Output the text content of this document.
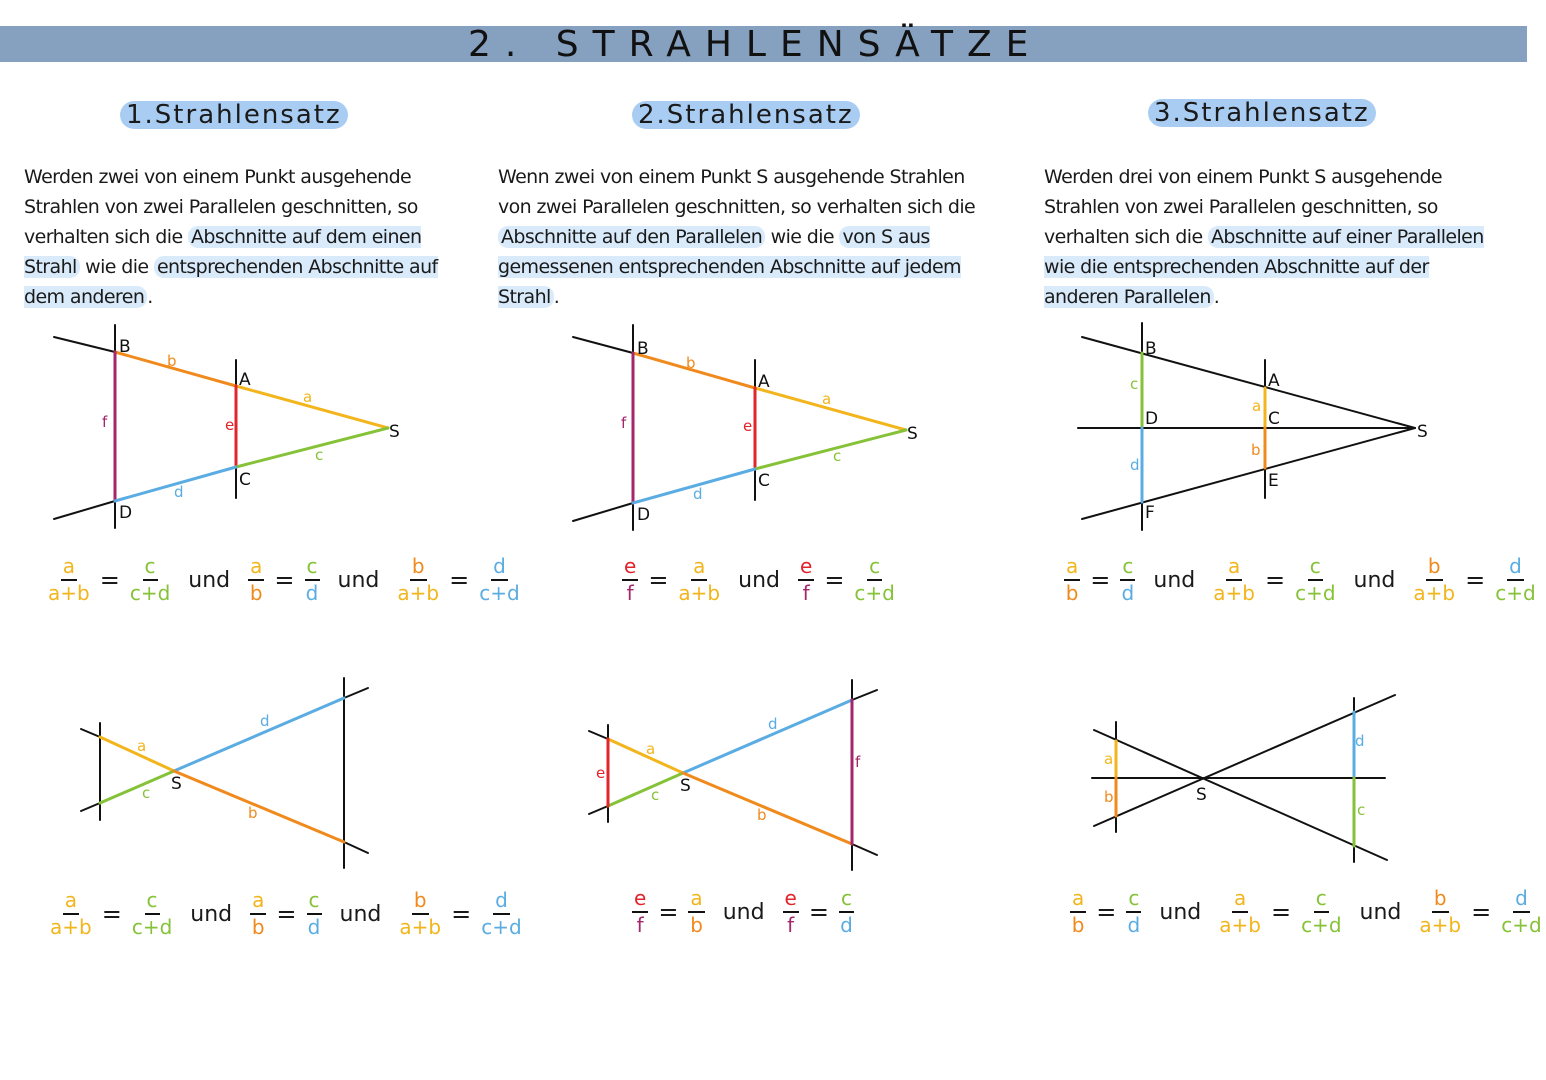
2. STRAHLENSÄTZE
1.Strahlensatz	2.Strahlensatz	3.Strahlensatz
Werden zwei von einem Punkt ausgehende Strahlen von zwei Parallelen geschnitten, so verhalten sich die Abschnitte auf dem einen Strahl wie die entsprechenden Abschnitte auf dem anderen .
Wenn zwei von einem Punkt S ausgehende Strahlen von zwei Parallelen geschnitten, so verhalten sich die Abschnitte auf den Parallelen wie die von S aus gemessenen entsprechenden Abschnitte auf jedem Strahl .
Werden drei von einem Punkt S ausgehende Strahlen von zwei Parallelen geschnitten, so verhalten sich die Abschnitte auf einer Parallelen wie die entsprechenden Abschnitte auf der anderen Parallelen .
B
A
S
C
D
b
a
f	e
c
d
B
A
S
C
D
b
a
f	e
c
d
B
A
D	C
S
E
F
c
a
b
d
S
a
c
d
b
S
a
e
c
d
b
f
S
a
b
d
c
$\frac{a}{a+b} = \frac{c}{c+d}$ und $\frac{a}{b} = \frac{c}{d}$ und $\frac{b}{a+b} = \frac{d}{c+d}$	$\frac{e}{f} = \frac{a}{a+b}$ und $\frac{e}{f} = \frac{c}{c+d}$	$\frac{a}{b} = \frac{c}{d}$ und $\frac{a}{a+b} = \frac{c}{c+d}$ und $\frac{b}{a+b} = \frac{d}{c+d}$
$\frac{a}{a+b} = \frac{c}{c+d}$ und $\frac{a}{b} = \frac{c}{d}$ und $\frac{b}{a+b} = \frac{d}{c+d}$	$\frac{e}{f} = \frac{a}{b}$ und $\frac{e}{f} = \frac{c}{d}$	$\frac{a}{b} = \frac{c}{d}$ und $\frac{a}{a+b} = \frac{c}{c+d}$ und $\frac{b}{a+b} = \frac{d}{c+d}$
